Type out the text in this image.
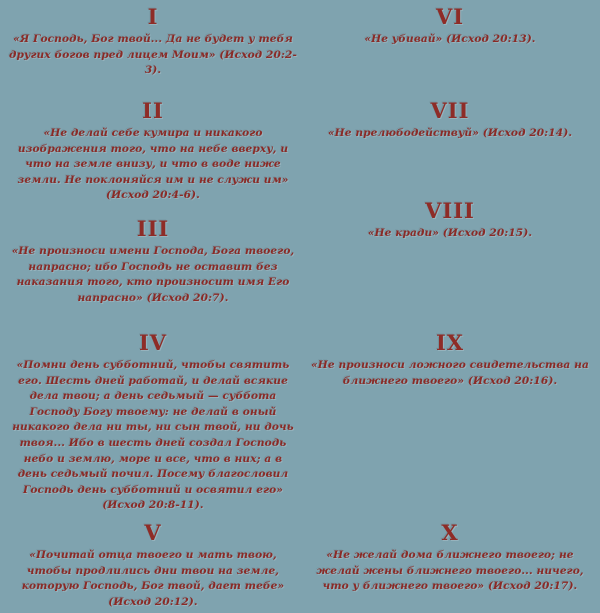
I
«Я Господь, Бог твой... Да не будет у тебя других богов пред лицем Моим» (Исход 20:2-3).
II
«Не делай себе кумира и никакого изображения того, что на небе вверху, и что на земле внизу, и что в воде ниже земли. Не поклоняйся им и не служи им» (Исход 20:4-6).
III
«Не произноси имени Господа, Бога твоего, напрасно; ибо Господь не оставит без наказания того, кто произносит имя Его напрасно» (Исход 20:7).
IV
«Помни день субботний, чтобы святить его. Шесть дней работай, и делай всякие дела твои; а день седьмый — суббота Господу Богу твоему: не делай в оный никакого дела ни ты, ни сын твой, ни дочь твоя... Ибо в шесть дней создал Господь небо и землю, море и все, что в них; а в день седьмый почил. Посему благословил Господь день субботний и освятил его» (Исход 20:8-11).
V
«Почитай отца твоего и мать твою, чтобы продлились дни твои на земле, которую Господь, Бог твой, дает тебе» (Исход 20:12).
VI
«Не убивай» (Исход 20:13).
VII
«Не прелюбодействуй» (Исход 20:14).
VIII
«Не кради» (Исход 20:15).
IX
«Не произноси ложного свидетельства на ближнего твоего» (Исход 20:16).
X
«Не желай дома ближнего твоего; не желай жены ближнего твоего... ничего, что у ближнего твоего» (Исход 20:17).
